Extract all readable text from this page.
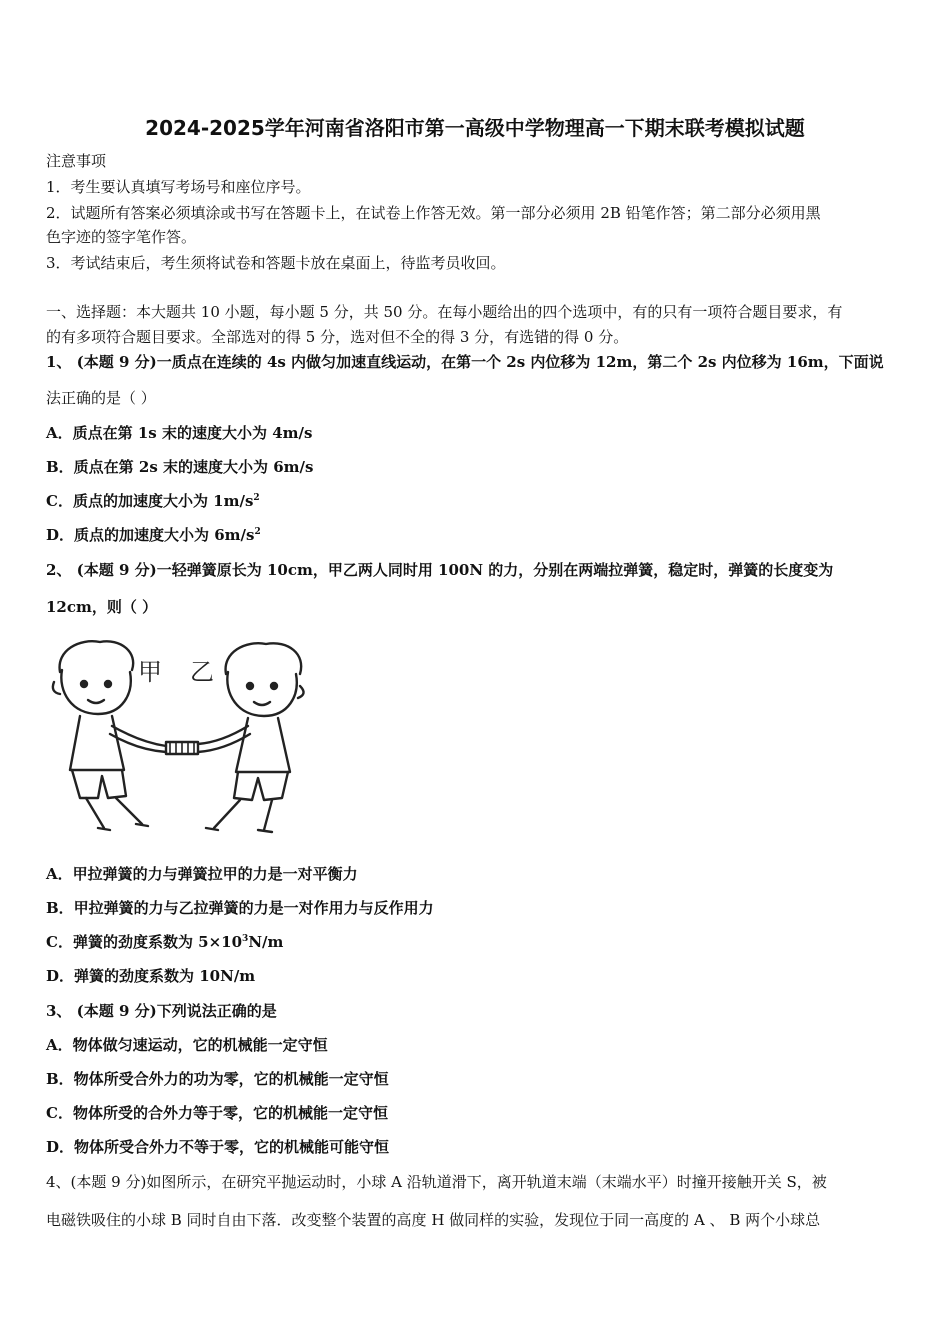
2024-2025学年河南省洛阳市第一高级中学物理高一下期末联考模拟试题
注意事项
1．考生要认真填写考场号和座位序号。
2．试题所有答案必须填涂或书写在答题卡上，在试卷上作答无效。第一部分必须用 2B 铅笔作答；第二部分必须用黑
色字迹的签字笔作答。
3．考试结束后，考生须将试卷和答题卡放在桌面上，待监考员收回。
一、选择题：本大题共 10 小题，每小题 5 分，共 50 分。在每小题给出的四个选项中，有的只有一项符合题目要求，有
的有多项符合题目要求。全部选对的得 5 分，选对但不全的得 3 分，有选错的得 0 分。
1、 (本题 9 分)一质点在连续的 4s 内做匀加速直线运动，在第一个 2s 内位移为 12m，第二个 2s 内位移为 16m，下面说
法正确的是（ ）
A．质点在第 1s 末的速度大小为 4m/s
B．质点在第 2s 末的速度大小为 6m/s
C．质点的加速度大小为 $1m/s^2$
D．质点的加速度大小为 $6m/s^2$
2、 (本题 9 分)一轻弹簧原长为 10cm，甲乙两人同时用 100N 的力，分别在两端拉弹簧，稳定时，弹簧的长度变为
12cm，则（ ）
甲 乙
A．甲拉弹簧的力与弹簧拉甲的力是一对平衡力
B．甲拉弹簧的力与乙拉弹簧的力是一对作用力与反作用力
C．弹簧的劲度系数为 $5\times 10^3N/m$
D．弹簧的劲度系数为 10N/m
3、 (本题 9 分)下列说法正确的是
A．物体做匀速运动，它的机械能一定守恒
B．物体所受合外力的功为零，它的机械能一定守恒
C．物体所受的合外力等于零，它的机械能一定守恒
D．物体所受合外力不等于零，它的机械能可能守恒
4、(本题 9 分)如图所示，在研究平抛运动时，小球 A 沿轨道滑下，离开轨道末端（末端水平）时撞开接触开关 S，被
电磁铁吸住的小球 B 同时自由下落．改变整个装置的高度 H 做同样的实验，发现位于同一高度的 A 、 B 两个小球总
